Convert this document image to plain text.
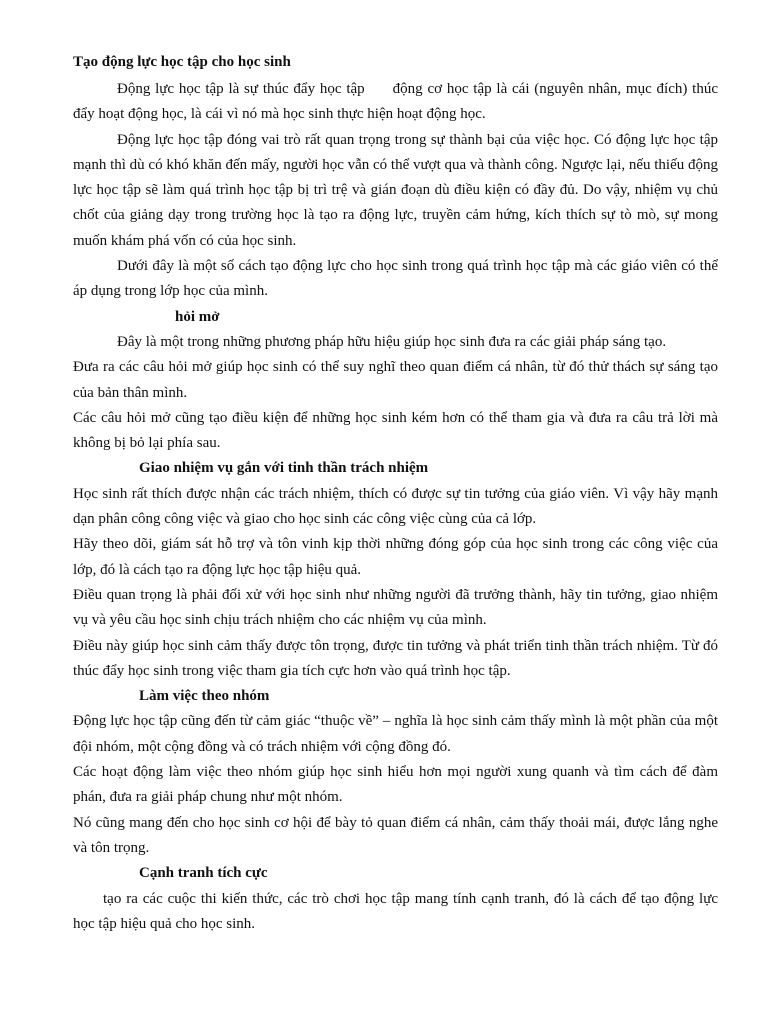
Tạo động lực học tập cho học sinh

Động lực học tập là sự thúc đẩy học tập động cơ học tập là cái (nguyên nhân, mục đích) thúc đẩy hoạt động học, là cái vì nó mà học sinh thực hiện hoạt động học.

Động lực học tập đóng vai trò rất quan trọng trong sự thành bại của việc học. Có động lực học tập mạnh thì dù có khó khăn đến mấy, người học vẫn có thể vượt qua và thành công. Ngược lại, nếu thiếu động lực học tập sẽ làm quá trình học tập bị trì trệ và gián đoạn dù điều kiện có đầy đủ. Do vậy, nhiệm vụ chủ chốt của giảng dạy trong trường học là tạo ra động lực, truyền cảm hứng, kích thích sự tò mò, sự mong muốn khám phá vốn có của học sinh.

Dưới đây là một số cách tạo động lực cho học sinh trong quá trình học tập mà các giáo viên có thể áp dụng trong lớp học của mình.

hỏi mở

Đây là một trong những phương pháp hữu hiệu giúp học sinh đưa ra các giải pháp sáng tạo.

Đưa ra các câu hỏi mở giúp học sinh có thể suy nghĩ theo quan điểm cá nhân, từ đó thử thách sự sáng tạo của bản thân mình.

Các câu hỏi mở cũng tạo điều kiện để những học sinh kém hơn có thể tham gia và đưa ra câu trả lời mà không bị bỏ lại phía sau.

Giao nhiệm vụ gắn với tinh thần trách nhiệm

Học sinh rất thích được nhận các trách nhiệm, thích có được sự tin tưởng của giáo viên. Vì vậy hãy mạnh dạn phân công công việc và giao cho học sinh các công việc cùng của cả lớp.

Hãy theo dõi, giám sát hỗ trợ và tôn vinh kịp thời những đóng góp của học sinh trong các công việc của lớp, đó là cách tạo ra động lực học tập hiệu quả.

Điều quan trọng là phải đối xử với học sinh như những người đã trưởng thành, hãy tin tưởng, giao nhiệm vụ và yêu cầu học sinh chịu trách nhiệm cho các nhiệm vụ của mình.

Điều này giúp học sinh cảm thấy được tôn trọng, được tin tưởng và phát triển tinh thần trách nhiệm. Từ đó thúc đẩy học sinh trong việc tham gia tích cực hơn vào quá trình học tập.

Làm việc theo nhóm

Động lực học tập cũng đến từ cảm giác “thuộc về” – nghĩa là học sinh cảm thấy mình là một phần của một đội nhóm, một cộng đồng và có trách nhiệm với cộng đồng đó.

Các hoạt động làm việc theo nhóm giúp học sinh hiểu hơn mọi người xung quanh và tìm cách để đàm phán, đưa ra giải pháp chung như một nhóm.

Nó cũng mang đến cho học sinh cơ hội để bày tỏ quan điểm cá nhân, cảm thấy thoải mái, được lắng nghe và tôn trọng.

Cạnh tranh tích cực

tạo ra các cuộc thi kiến thức, các trò chơi học tập mang tính cạnh tranh, đó là cách để tạo động lực học tập hiệu quả cho học sinh.
